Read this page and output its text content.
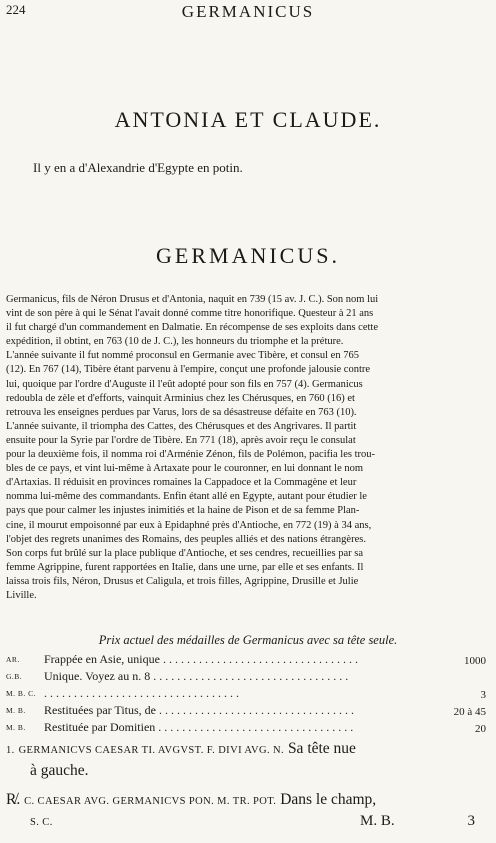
224	GERMANICUS
ANTONIA ET CLAUDE.
Il y en a d'Alexandrie d'Egypte en potin.
GERMANICUS.
Germanicus, fils de Néron Drusus et d'Antonia, naquit en 739 (15 av. J. C.). Son nom lui
vint de son père à qui le Sénat l'avait donné comme titre honorifique. Questeur à 21 ans
il fut chargé d'un commandement en Dalmatie. En récompense de ses exploits dans cette
expédition, il obtint, en 763 (10 de J. C.), les honneurs du triomphe et la préture.
L'année suivante il fut nommé proconsul en Germanie avec Tibère, et consul en 765
(12). En 767 (14), Tibère étant parvenu à l'empire, conçut une profonde jalousie contre
lui, quoique par l'ordre d'Auguste il l'eût adopté pour son fils en 757 (4). Germanicus
redoubla de zèle et d'efforts, vainquit Arminius chez les Chérusques, en 760 (16) et
retrouva les enseignes perdues par Varus, lors de sa désastreuse défaite en 763 (10).
L'année suivante, il triompha des Cattes, des Chérusques et des Angrivares. Il partit
ensuite pour la Syrie par l'ordre de Tibère. En 771 (18), après avoir reçu le consulat
pour la deuxième fois, il nomma roi d'Arménie Zénon, fils de Polémon, pacifia les trou-
bles de ce pays, et vint lui-même à Artaxate pour le couronner, en lui donnant le nom
d'Artaxias. Il réduisit en provinces romaines la Cappadoce et la Commagène et leur
nomma lui-même des commandants. Enfin étant allé en Egypte, autant pour étudier le
pays que pour calmer les injustes inimitiés et la haine de Pison et de sa femme Plan-
cine, il mourut empoisonné par eux à Epidaphné près d'Antioche, en 772 (19) à 34 ans,
l'objet des regrets unanimes des Romains, des peuples alliés et des nations étrangères.
Son corps fut brûlé sur la place publique d'Antioche, et ses cendres, recueillies par sa
femme Agrippine, furent rapportées en Italie, dans une urne, par elle et ses enfants. Il
laissa trois fils, Néron, Drusus et Caligula, et trois filles, Agrippine, Drusille et Julie
Liville.
Prix actuel des médailles de Germanicus avec sa tête seule.
AR. Frappée en Asie, unique . . . . . . . . . . . . . . . . . . . . . . . . . . . . . . . . .	1000
G.B. Unique. Voyez au n. 8 . . . . . . . . . . . . . . . . . . . . . . . . . . . . . . . . .
M. B. C. . . . . . . . . . . . . . . . . . . . . . . . . . . . . . . . . .	3
M. B. Restituées par Titus, de . . . . . . . . . . . . . . . . . . . . . . . . . . . . . . . . .	20 à 45
M. B. Restituée par Domitien . . . . . . . . . . . . . . . . . . . . . . . . . . . . . . . . .	20
1. GERMANICVS CAESAR TI. AVGVST. F. DIVI AVG. N. Sa tête nue
à gauche.
R̸. C. CAESAR AVG. GERMANICVS PON. M. TR. POT. Dans le champ,
S. C.	M. B.	3
